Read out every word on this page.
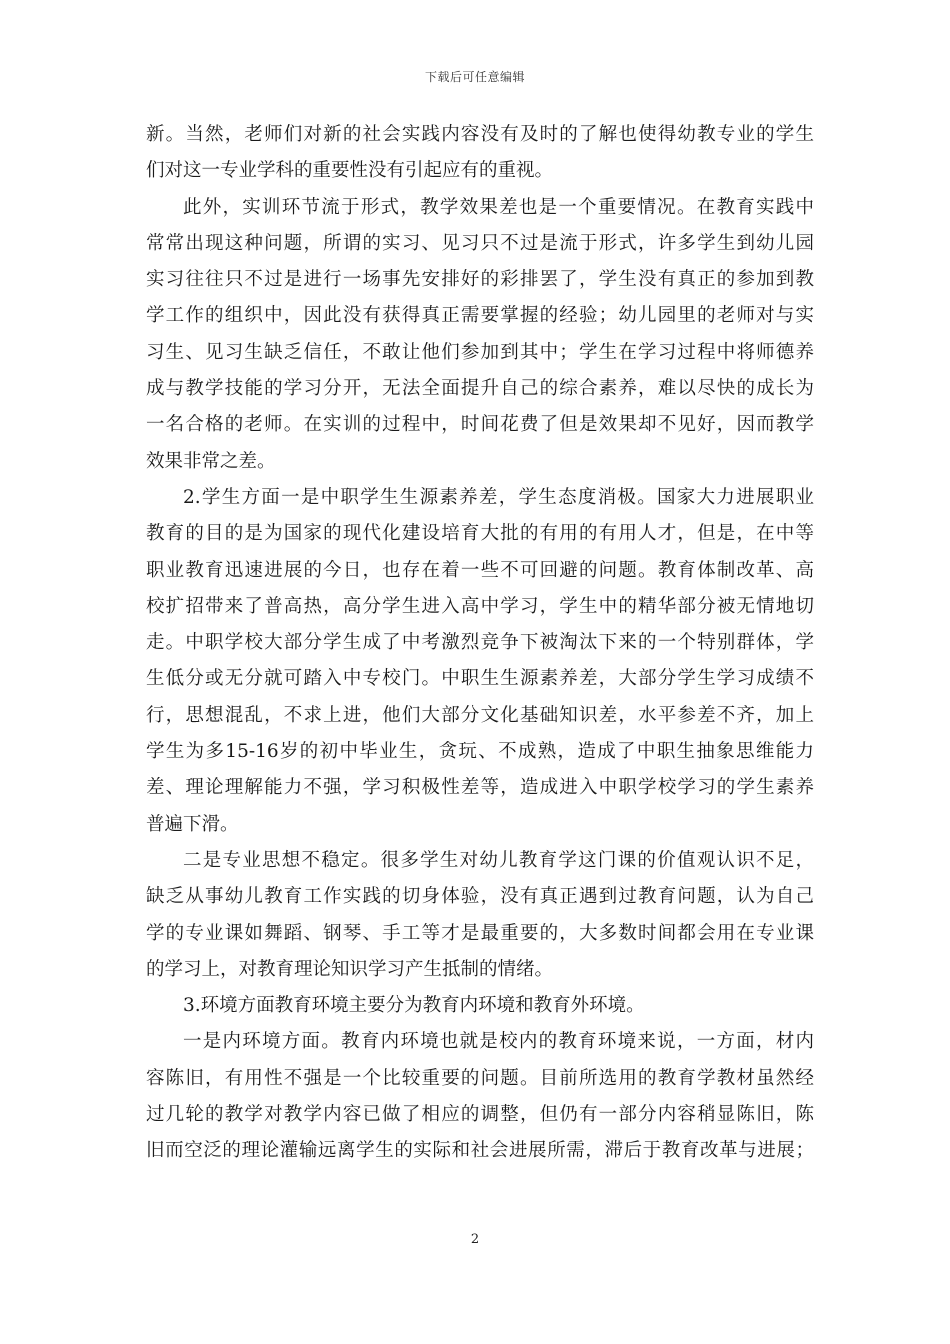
下载后可任意编辑
新。当然，老师们对新的社会实践内容没有及时的了解也使得幼教专业的学生
们对这一专业学科的重要性没有引起应有的重视。
此外，实训环节流于形式，教学效果差也是一个重要情况。在教育实践中
常常出现这种问题，所谓的实习、见习只不过是流于形式，许多学生到幼儿园
实习往往只不过是进行一场事先安排好的彩排罢了，学生没有真正的参加到教
学工作的组织中，因此没有获得真正需要掌握的经验；幼儿园里的老师对与实
习生、见习生缺乏信任，不敢让他们参加到其中；学生在学习过程中将师德养
成与教学技能的学习分开，无法全面提升自己的综合素养，难以尽快的成长为
一名合格的老师。在实训的过程中，时间花费了但是效果却不见好，因而教学
效果非常之差。
2.学生方面一是中职学生生源素养差，学生态度消极。国家大力进展职业
教育的目的是为国家的现代化建设培育大批的有用的有用人才，但是，在中等
职业教育迅速进展的今日，也存在着一些不可回避的问题。教育体制改革、高
校扩招带来了普高热，高分学生进入高中学习，学生中的精华部分被无情地切
走。中职学校大部分学生成了中考激烈竞争下被淘汰下来的一个特别群体，学
生低分或无分就可踏入中专校门。中职生生源素养差，大部分学生学习成绩不
行，思想混乱，不求上进，他们大部分文化基础知识差，水平参差不齐，加上
学生为多15-16岁的初中毕业生，贪玩、不成熟，造成了中职生抽象思维能力
差、理论理解能力不强，学习积极性差等，造成进入中职学校学习的学生素养
普遍下滑。
二是专业思想不稳定。很多学生对幼儿教育学这门课的价值观认识不足，
缺乏从事幼儿教育工作实践的切身体验，没有真正遇到过教育问题，认为自己
学的专业课如舞蹈、钢琴、手工等才是最重要的，大多数时间都会用在专业课
的学习上，对教育理论知识学习产生抵制的情绪。
3.环境方面教育环境主要分为教育内环境和教育外环境。
一是内环境方面。教育内环境也就是校内的教育环境来说，一方面，材内
容陈旧，有用性不强是一个比较重要的问题。目前所选用的教育学教材虽然经
过几轮的教学对教学内容已做了相应的调整，但仍有一部分内容稍显陈旧，陈
旧而空泛的理论灌输远离学生的实际和社会进展所需，滞后于教育改革与进展；
2
